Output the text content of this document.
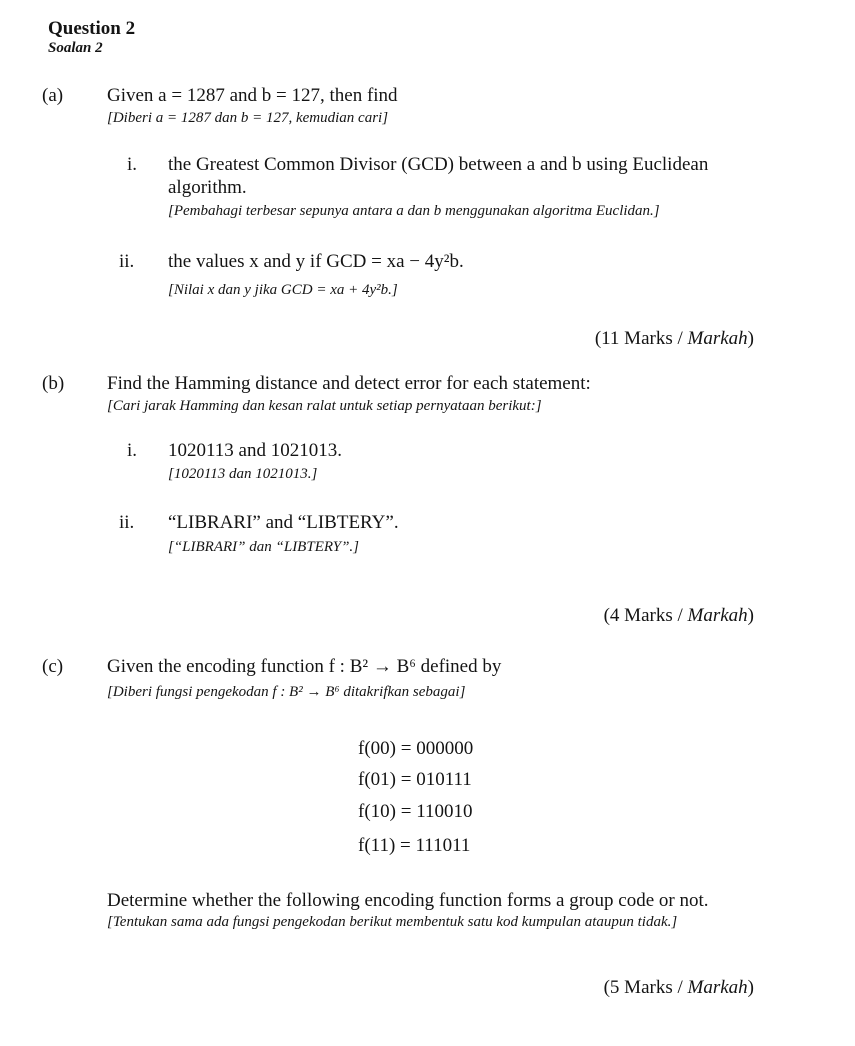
Question 2
Soalan 2
(a) Given a = 1287 and b = 127, then find
[Diberi a = 1287 dan b = 127, kemudian cari]
i. the Greatest Common Divisor (GCD) between a and b using Euclidean
algorithm.
[Pembahagi terbesar sepunya antara a dan b menggunakan algoritma Euclidan.]
ii. the values x and y if GCD = xa − 4y²b.
[Nilai x dan y jika GCD = xa + 4y²b.]
(11 Marks / Markah)
(b) Find the Hamming distance and detect error for each statement:
[Cari jarak Hamming dan kesan ralat untuk setiap pernyataan berikut:]
i. 1020113 and 1021013.
[1020113 dan 1021013.]
ii. “LIBRARI” and “LIBTERY”.
[“LIBRARI” dan “LIBTERY”.]
(4 Marks / Markah)
(c) Given the encoding function f : B² → B⁶ defined by
[Diberi fungsi pengekodan f : B² → B⁶ ditakrifkan sebagai]
f(00) = 000000
f(01) = 010111
f(10) = 110010
f(11) = 111011
Determine whether the following encoding function forms a group code or not.
[Tentukan sama ada fungsi pengekodan berikut membentuk satu kod kumpulan ataupun tidak.]
(5 Marks / Markah)
